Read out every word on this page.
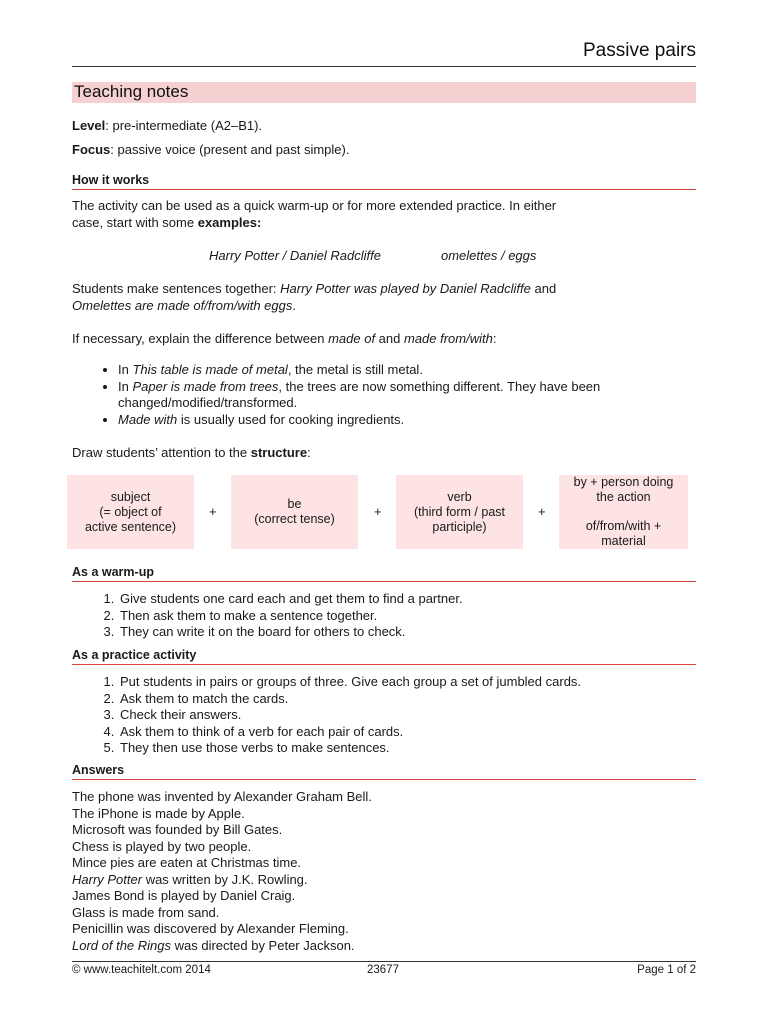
Passive pairs
Teaching notes
Level: pre-intermediate (A2–B1).
Focus: passive voice (present and past simple).
How it works
The activity can be used as a quick warm-up or for more extended practice. In either
case, start with some examples:
Harry Potter / Daniel Radcliffe	omelettes / eggs
Students make sentences together: Harry Potter was played by Daniel Radcliffe and
Omelettes are made of/from/with eggs.
If necessary, explain the difference between made of and made from/with:
• In This table is made of metal, the metal is still metal.
• In Paper is made from trees, the trees are now something different. They have been changed/modified/transformed.
• Made with is usually used for cooking ingredients.
Draw students’ attention to the structure:
subject
(= object of
active sentence)
+	be
(correct tense)	+
verb
(third form / past
participle)
+
by + person doing
the action
of/from/with +
material
As a warm-up
1. Give students one card each and get them to find a partner.
2. Then ask them to make a sentence together.
3. They can write it on the board for others to check.
As a practice activity
1. Put students in pairs or groups of three. Give each group a set of jumbled cards.
2. Ask them to match the cards.
3. Check their answers.
4. Ask them to think of a verb for each pair of cards.
5. They then use those verbs to make sentences.
Answers
The phone was invented by Alexander Graham Bell.
The iPhone is made by Apple.
Microsoft was founded by Bill Gates.
Chess is played by two people.
Mince pies are eaten at Christmas time.
Harry Potter was written by J.K. Rowling.
James Bond is played by Daniel Craig.
Glass is made from sand.
Penicillin was discovered by Alexander Fleming.
Lord of the Rings was directed by Peter Jackson.
© www.teachitelt.com 2014	23677	Page 1 of 2
